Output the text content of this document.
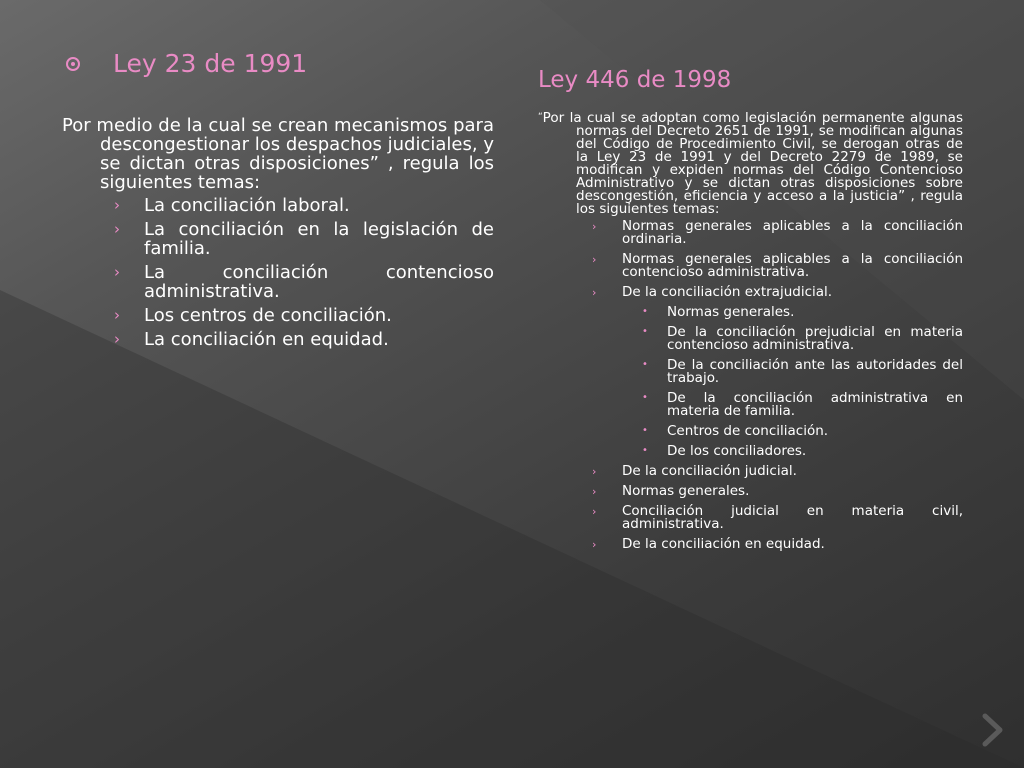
Ley 23 de 1991
Ley 446 de 1998

Por medio de la cual se crean mecanismos para descongestionar los despachos judiciales, y se dictan otras disposiciones” , regula los siguientes temas:

› La conciliación laboral.
› La conciliación en la legislación de familia.
› La conciliación contencioso administrativa.
› Los centros de conciliación.
› La conciliación en equidad.

“Por la cual se adoptan como legislación permanente algunas normas del Decreto 2651 de 1991, se modifican algunas del Código de Procedimiento Civil, se derogan otras de la Ley 23 de 1991 y del Decreto 2279 de 1989, se modifican y expiden normas del Código Contencioso Administrativo y se dictan otras disposiciones sobre descongestión, eficiencia y acceso a la justicia” , regula los siguientes temas:

› Normas generales aplicables a la conciliación ordinaria.
› Normas generales aplicables a la conciliación contencioso administrativa.
› De la conciliación extrajudicial.
• Normas generales.
• De la conciliación prejudicial en materia contencioso administrativa.
• De la conciliación ante las autoridades del trabajo.
• De la conciliación administrativa en materia de familia.
• Centros de conciliación.
• De los conciliadores.
› De la conciliación judicial.
› Normas generales.
› Conciliación judicial en materia civil, administrativa.
› De la conciliación en equidad.
